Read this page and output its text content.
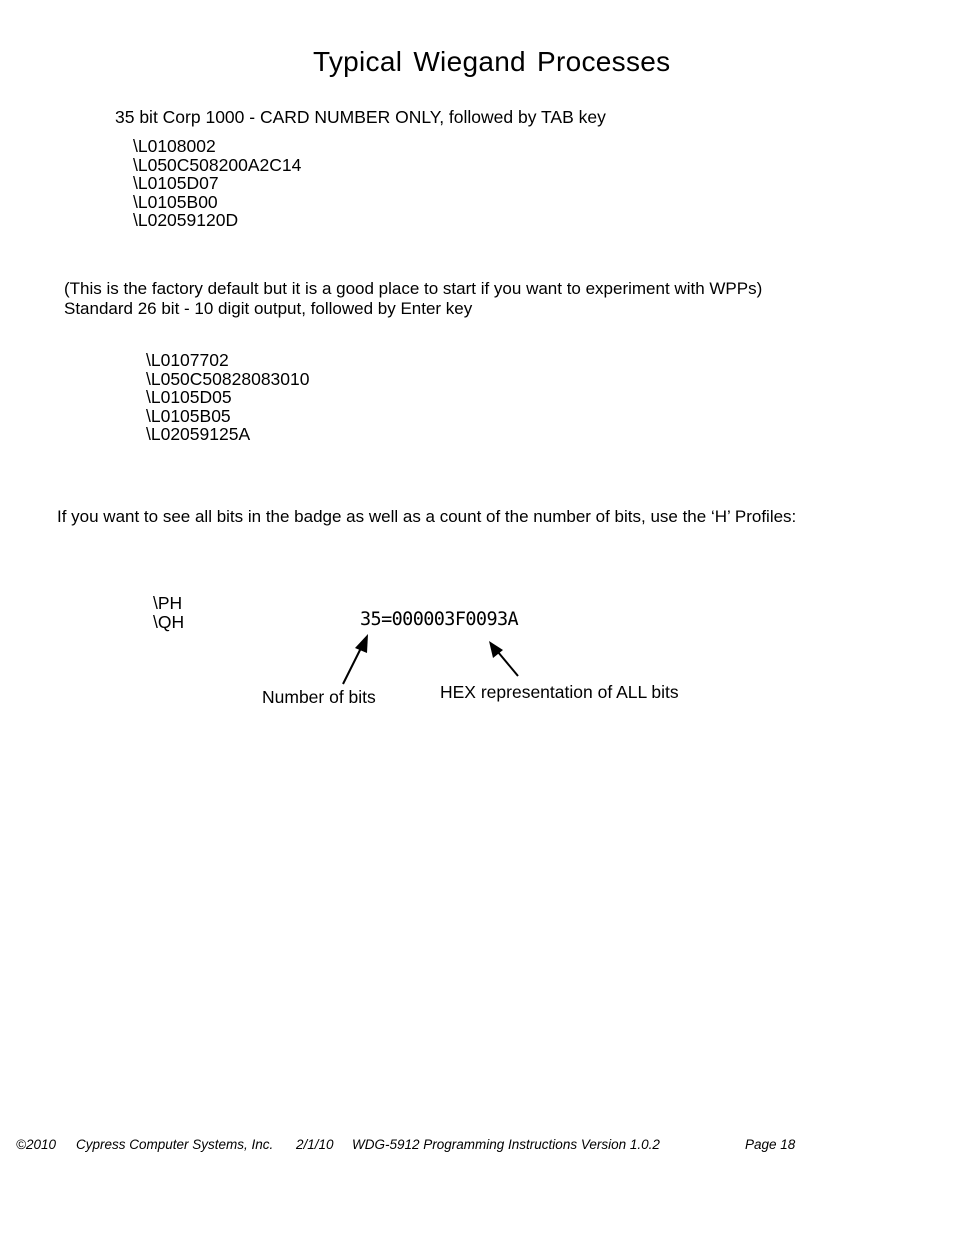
Typical Wiegand Processes
35 bit Corp 1000 - CARD NUMBER ONLY, followed by TAB key
\L0108002
\L050C508200A2C14
\L0105D07
\L0105B00
\L02059120D
(This is the factory default but it is a good place to start if you want to experiment with WPPs)
Standard 26 bit - 10 digit output, followed by Enter key
\L0107702
\L050C50828083010
\L0105D05
\L0105B05
\L02059125A
If you want to see all bits in the badge as well as a count of the number of bits, use the ‘H’ Profiles:
\PH
\QH	35=000003F0093A
Number of bits	HEX representation of ALL bits
©2010 Cypress Computer Systems, Inc. 2/1/10 WDG-5912 Programming Instructions Version 1.0.2	Page 18
